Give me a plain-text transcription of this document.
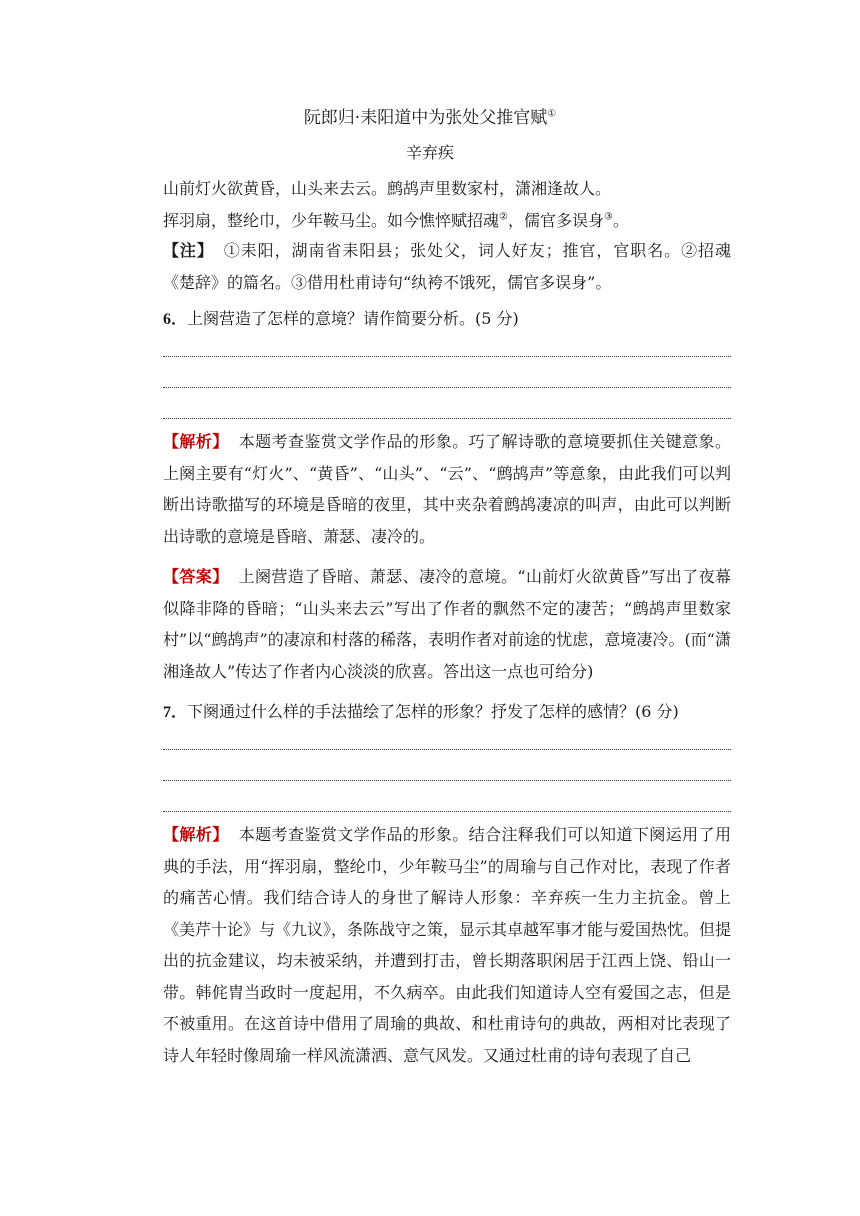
阮郎归·耒阳道中为张处父推官赋①
辛弃疾
山前灯火欲黄昏，山头来去云。鹧鸪声里数家村，潇湘逢故人。
挥羽扇，整纶巾，少年鞍马尘。如今憔悴赋招魂②，儒官多误身③。
【注】 ①耒阳，湖南省耒阳县；张处父，词人好友；推官，官职名。②招魂《楚辞》的篇名。③借用杜甫诗句“纨袴不饿死，儒官多误身”。
6．上阕营造了怎样的意境？请作简要分析。(5 分)
【解析】 本题考查鉴赏文学作品的形象。巧了解诗歌的意境要抓住关键意象。上阕主要有“灯火”、“黄昏”、“山头”、“云”、“鹧鸪声”等意象，由此我们可以判断出诗歌描写的环境是昏暗的夜里，其中夹杂着鹧鸪凄凉的叫声，由此可以判断出诗歌的意境是昏暗、萧瑟、凄冷的。
【答案】 上阕营造了昏暗、萧瑟、凄冷的意境。“山前灯火欲黄昏”写出了夜幕似降非降的昏暗；“山头来去云”写出了作者的飘然不定的凄苦；“鹧鸪声里数家村”以“鹧鸪声”的凄凉和村落的稀落，表明作者对前途的忧虑，意境凄冷。(而“潇湘逢故人”传达了作者内心淡淡的欣喜。答出这一点也可给分)
7．下阕通过什么样的手法描绘了怎样的形象？抒发了怎样的感情？(6 分)
【解析】 本题考查鉴赏文学作品的形象。结合注释我们可以知道下阕运用了用典的手法，用“挥羽扇，整纶巾，少年鞍马尘”的周瑜与自己作对比，表现了作者的痛苦心情。我们结合诗人的身世了解诗人形象：辛弃疾一生力主抗金。曾上《美芹十论》与《九议》，条陈战守之策，显示其卓越军事才能与爱国热忱。但提出的抗金建议，均未被采纳，并遭到打击，曾长期落职闲居于江西上饶、铅山一带。韩侂胄当政时一度起用，不久病卒。由此我们知道诗人空有爱国之志，但是不被重用。在这首诗中借用了周瑜的典故、和杜甫诗句的典故，两相对比表现了诗人年轻时像周瑜一样风流潇洒、意气风发。又通过杜甫的诗句表现了自己
